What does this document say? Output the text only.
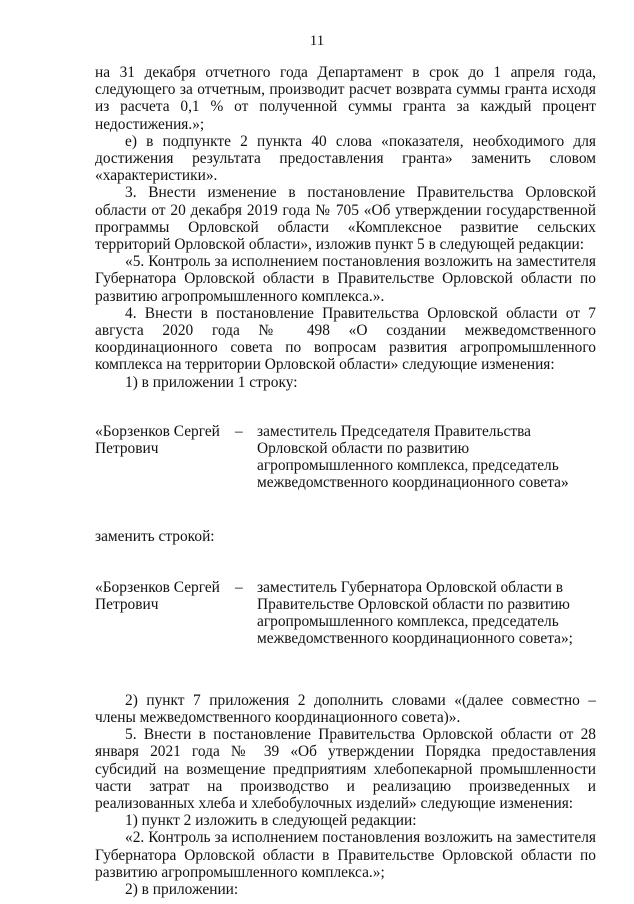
11

на 31 декабря отчетного года Департамент в срок до 1 апреля года, следующего за отчетным, производит расчет возврата суммы гранта исходя из расчета 0,1 % от полученной суммы гранта за каждый процент недостижения.»;

е) в подпункте 2 пункта 40 слова «показателя, необходимого для достижения результата предоставления гранта» заменить словом «характеристики».

3. Внести изменение в постановление Правительства Орловской области от 20 декабря 2019 года № 705 «Об утверждении государственной программы Орловской области «Комплексное развитие сельских территорий Орловской области», изложив пункт 5 в следующей редакции:

«5. Контроль за исполнением постановления возложить на заместителя Губернатора Орловской области в Правительстве Орловской области по развитию агропромышленного комплекса.».

4. Внести в постановление Правительства Орловской области от 7 августа 2020 года № 498 «О создании межведомственного координационного совета по вопросам развития агропромышленного комплекса на территории Орловской области» следующие изменения:

1) в приложении 1 строку:

«Борзенков Сергей Петрович
– заместитель Председателя Правительства Орловской области по развитию агропромышленного комплекса, председатель межведомственного координационного совета»

заменить строкой:

«Борзенков Сергей Петрович
– заместитель Губернатора Орловской области в Правительстве Орловской области по развитию агропромышленного комплекса, председатель межведомственного координационного совета»;

2) пункт 7 приложения 2 дополнить словами «(далее совместно – члены межведомственного координационного совета)».

5. Внести в постановление Правительства Орловской области от 28 января 2021 года № 39 «Об утверждении Порядка предоставления субсидий на возмещение предприятиям хлебопекарной промышленности части затрат на производство и реализацию произведенных и реализованных хлеба и хлебобулочных изделий» следующие изменения:

1) пункт 2 изложить в следующей редакции:

«2. Контроль за исполнением постановления возложить на заместителя Губернатора Орловской области в Правительстве Орловской области по развитию агропромышленного комплекса.»;

2) в приложении:
